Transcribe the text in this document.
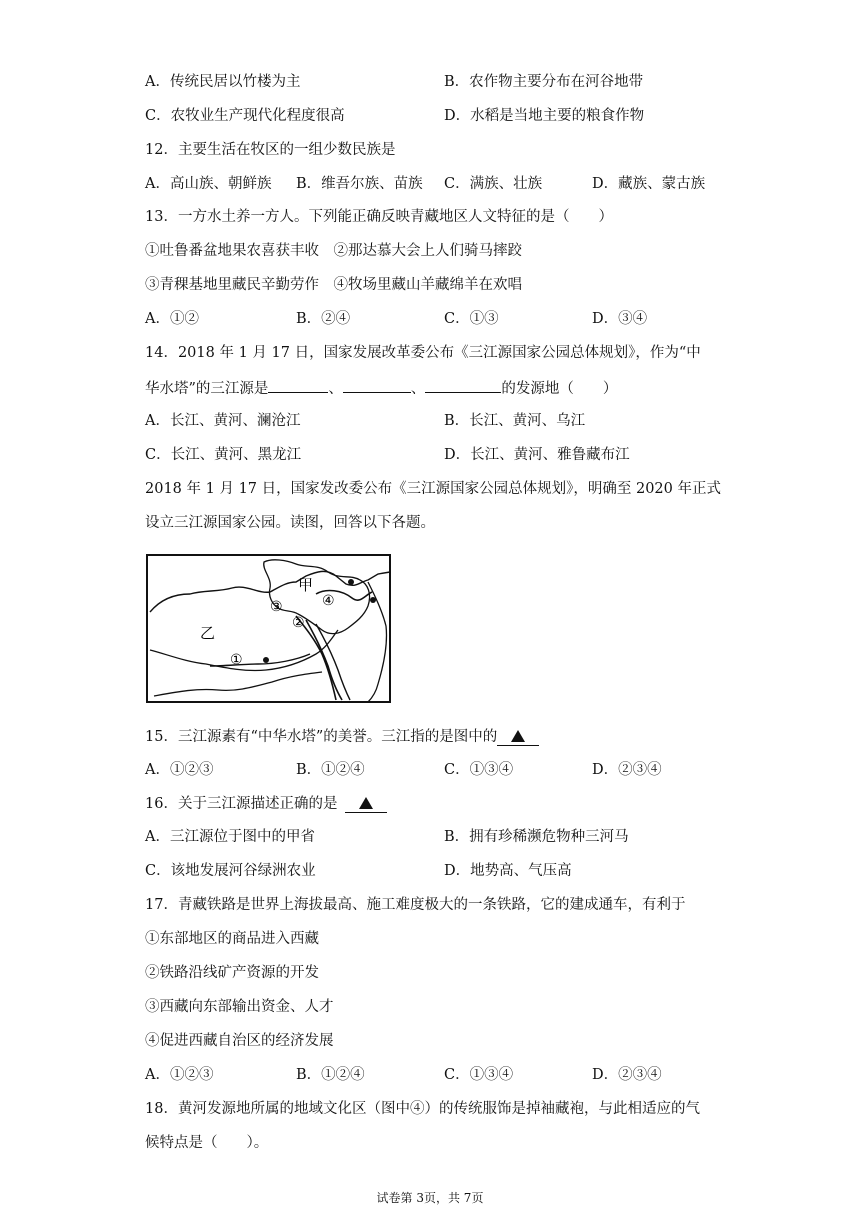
A．传统民居以竹楼为主	B．农作物主要分布在河谷地带
C．农牧业生产现代化程度很高	D．水稻是当地主要的粮食作物
12．主要生活在牧区的一组少数民族是
A．高山族、朝鲜族 B．维吾尔族、苗族 C．满族、壮族	D．藏族、蒙古族
13．一方水土养一方人。下列能正确反映青藏地区人文特征的是（　　）
①吐鲁番盆地果农喜获丰收　②那达慕大会上人们骑马摔跤
③青稞基地里藏民辛勤劳作　④牧场里藏山羊藏绵羊在欢唱
A．①②	B．②④	C．①③	D．③④
14．2018 年 1 月 17 日，国家发展改革委公布《三江源国家公园总体规划》，作为“中
华水塔”的三江源是	、	、	的发源地（　　）
A．长江、黄河、澜沧江	B．长江、黄河、乌江
C．长江、黄河、黑龙江	D．长江、黄河、雅鲁藏布江
2018 年 1 月 17 日，国家发改委公布《三江源国家公园总体规划》，明确至 2020 年正式
设立三江源国家公园。读图，回答以下各题。
甲
乙
①
②
③	④
15．三江源素有“中华水塔”的美誉。三江指的是图中的
A．①②③	B．①②④	C．①③④	D．②③④
16．关于三江源描述正确的是
A．三江源位于图中的甲省	B．拥有珍稀濒危物种三河马
C．该地发展河谷绿洲农业	D．地势高、气压高
17．青藏铁路是世界上海拔最高、施工难度极大的一条铁路，它的建成通车，有利于
①东部地区的商品进入西藏
②铁路沿线矿产资源的开发
③西藏向东部输出资金、人才
④促进西藏自治区的经济发展
A．①②③	B．①②④	C．①③④	D．②③④
18．黄河发源地所属的地域文化区（图中④）的传统服饰是掉袖藏袍，与此相适应的气
候特点是（　　）。
试卷第 3页，共 7页
